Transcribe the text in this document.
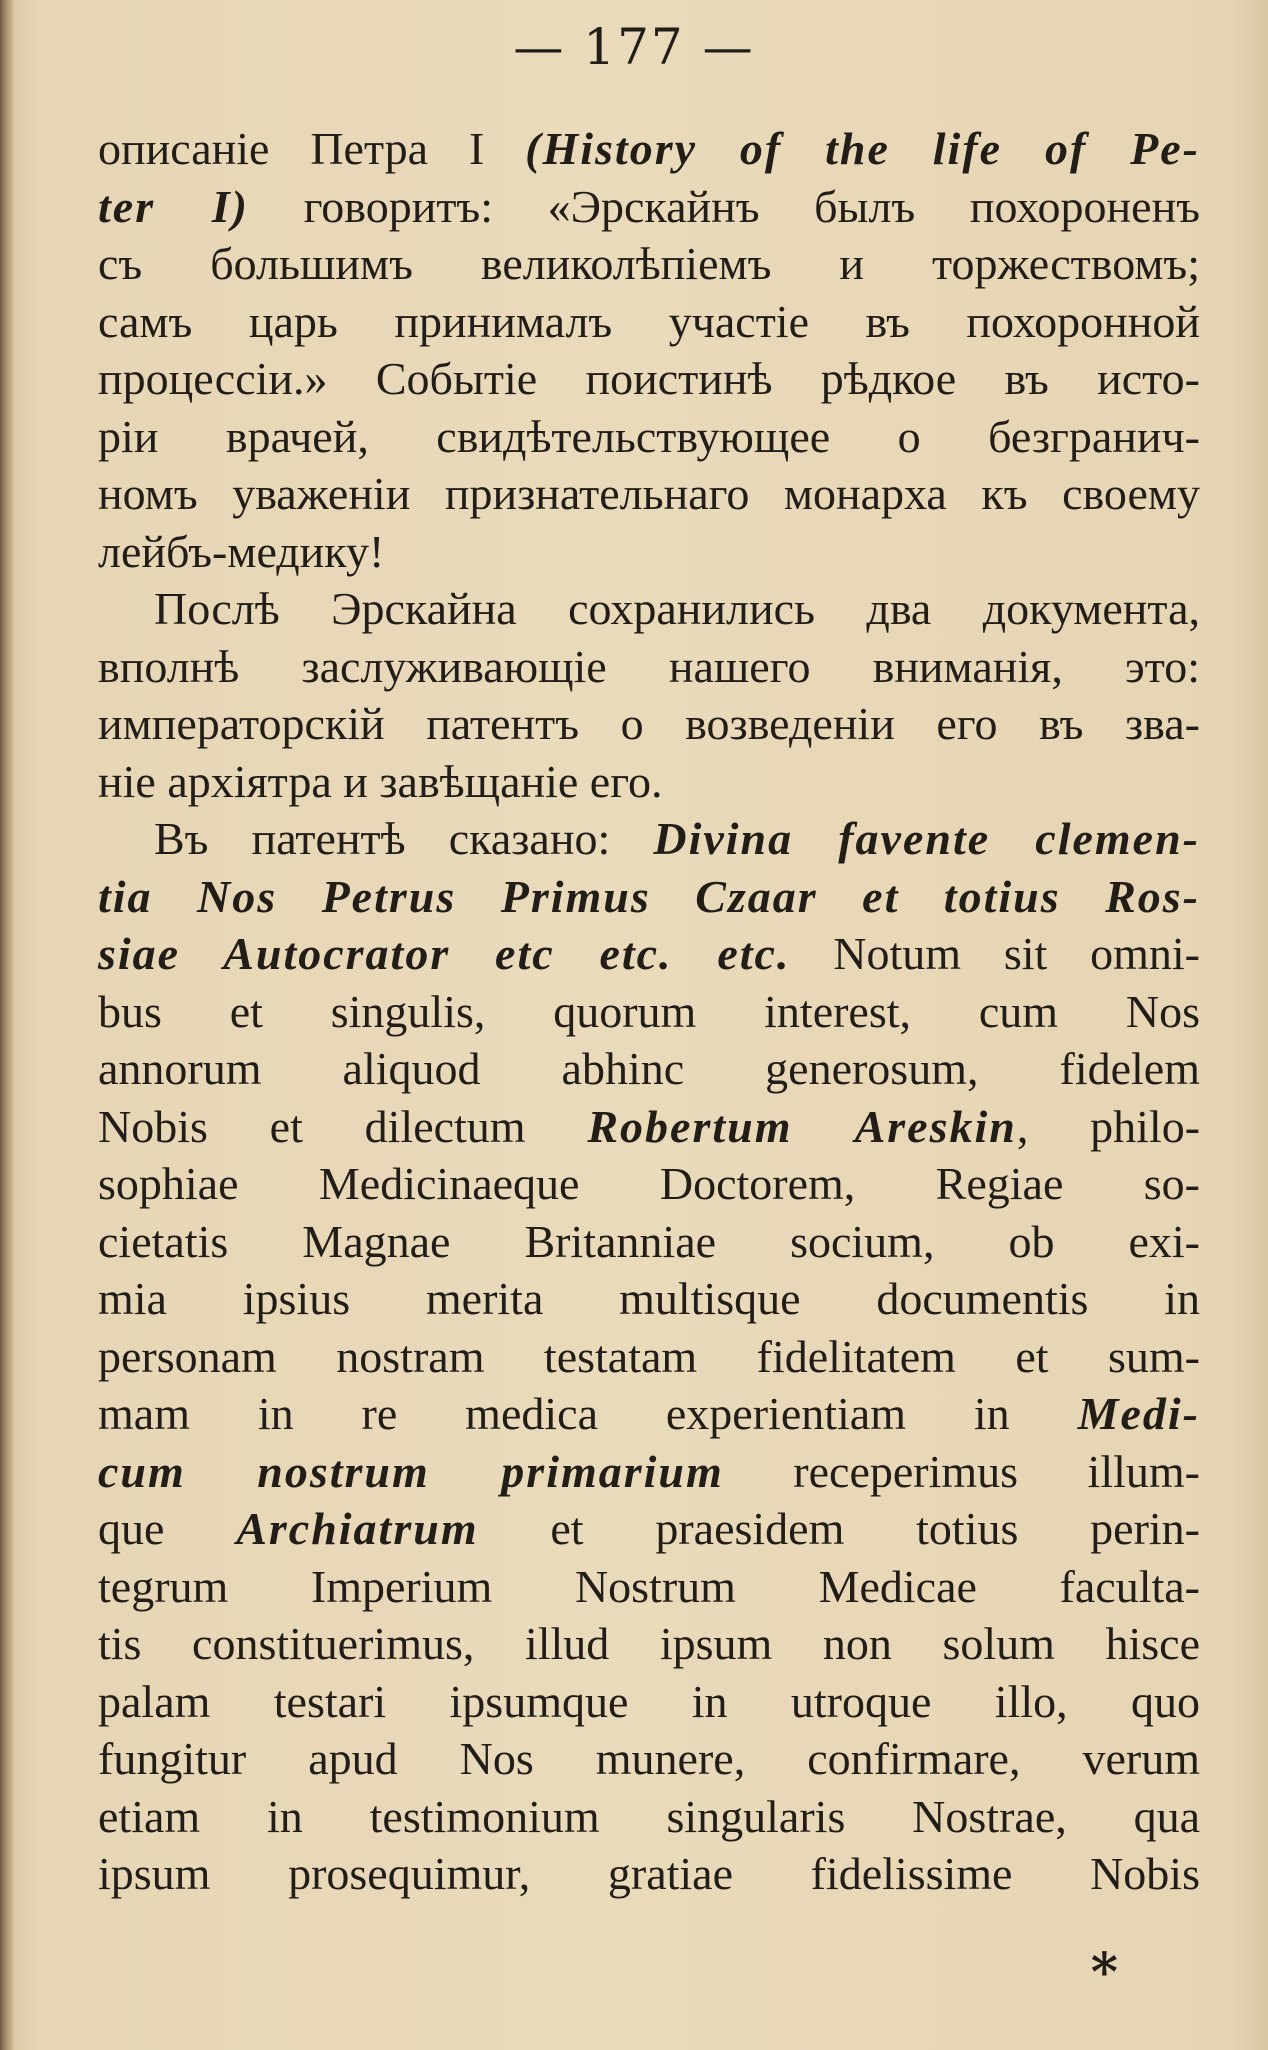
— 177 —
описаніе Петра I (History of the life of Pe-
ter I) говоритъ: «Эрскайнъ былъ похороненъ
съ большимъ великолѣпіемъ и торжествомъ;
самъ царь принималъ участіе въ похоронной
процессіи.» Событіе поистинѣ рѣдкое въ исто-
ріи врачей, свидѣтельствующее о безгранич-
номъ уваженіи признательнаго монарха къ своему
лейбъ-медику!
Послѣ Эрскайна сохранились два документа,
вполнѣ заслуживающіе нашего вниманія, это:
императорскій патентъ о возведеніи его въ зва-
ніе архіятра и завѣщаніе его.
Въ патентѣ сказано: Divina favente clemen-
tia Nos Petrus Primus Czaar et totius Ros-
siae Autocrator etc etc. etc. Notum sit omni-
bus et singulis, quorum interest, cum Nos
annorum aliquod abhinc generosum, fidelem
Nobis et dilectum Robertum Areskin, philo-
sophiae Medicinaeque Doctorem, Regiae so-
cietatis Magnae Britanniae socium, ob exi-
mia ipsius merita multisque documentis in
personam nostram testatam fidelitatem et sum-
mam in re medica experientiam in Medi-
cum nostrum primarium receperimus illum-
que Archiatrum et praesidem totius perin-
tegrum Imperium Nostrum Medicae faculta-
tis constituerimus, illud ipsum non solum hisce
palam testari ipsumque in utroque illo, quo
fungitur apud Nos munere, confirmare, verum
etiam in testimonium singularis Nostrae, qua
ipsum prosequimur, gratiae fidelissime Nobis
*
